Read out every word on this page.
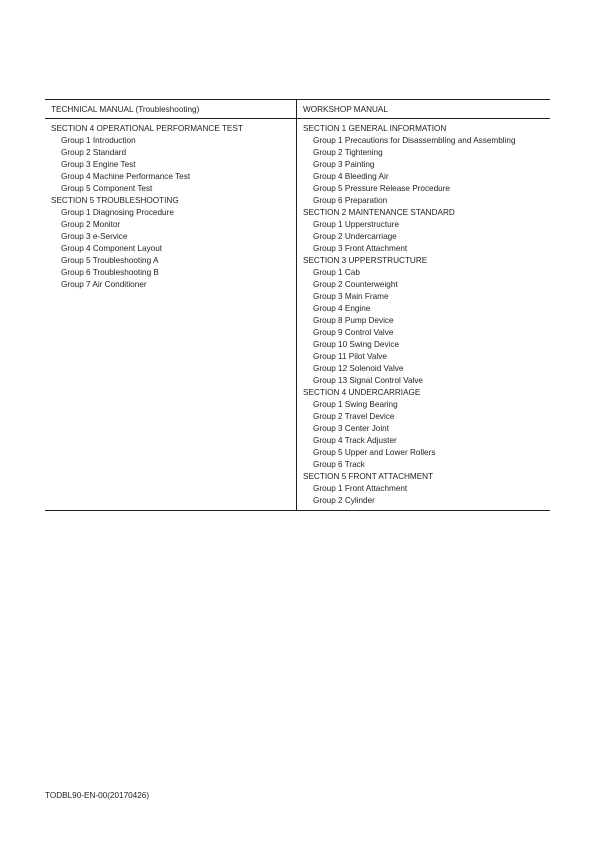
TECHNICAL MANUAL (Troubleshooting)
SECTION 4 OPERATIONAL PERFORMANCE TEST
Group 1 Introduction
Group 2 Standard
Group 3 Engine Test
Group 4 Machine Performance Test
Group 5 Component Test
SECTION 5 TROUBLESHOOTING
Group 1 Diagnosing Procedure
Group 2 Monitor
Group 3 e-Service
Group 4 Component Layout
Group 5 Troubleshooting A
Group 6 Troubleshooting B
Group 7 Air Conditioner
WORKSHOP MANUAL
SECTION 1 GENERAL INFORMATION
Group 1 Precautions for Disassembling and Assembling
Group 2 Tightening
Group 3 Painting
Group 4 Bleeding Air
Group 5 Pressure Release Procedure
Group 6 Preparation
SECTION 2 MAINTENANCE STANDARD
Group 1 Upperstructure
Group 2 Undercarriage
Group 3 Front Attachment
SECTION 3 UPPERSTRUCTURE
Group 1 Cab
Group 2 Counterweight
Group 3 Main Frame
Group 4 Engine
Group 8 Pump Device
Group 9 Control Valve
Group 10 Swing Device
Group 11 Pilot Valve
Group 12 Solenoid Valve
Group 13 Signal Control Valve
SECTION 4 UNDERCARRIAGE
Group 1 Swing Bearing
Group 2 Travel Device
Group 3 Center Joint
Group 4 Track Adjuster
Group 5 Upper and Lower Rollers
Group 6 Track
SECTION 5 FRONT ATTACHMENT
Group 1 Front Attachment
Group 2 Cylinder
TODBL90-EN-00(20170426)
